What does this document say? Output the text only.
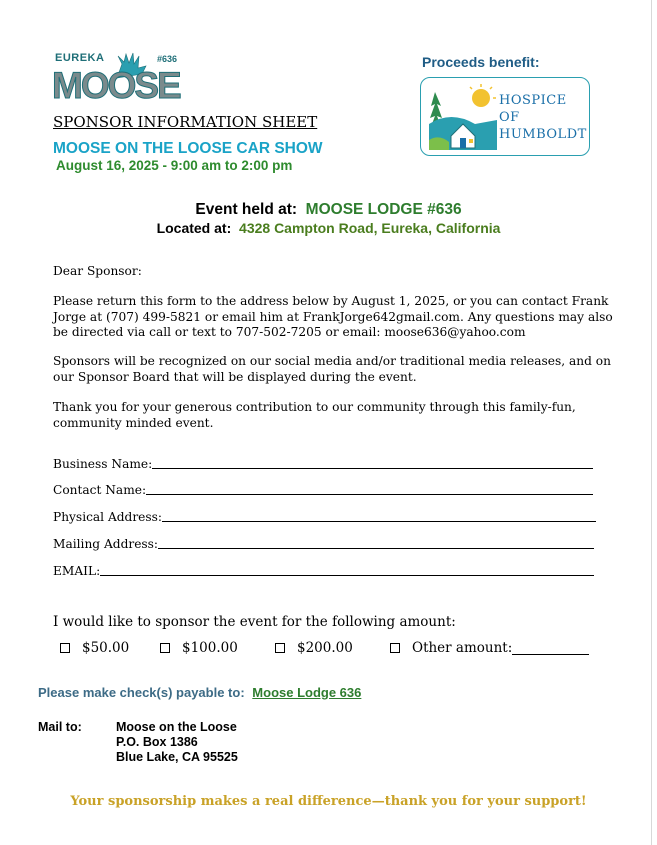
EUREKA	#636
MOOSE
SPONSOR INFORMATION SHEET
MOOSE ON THE LOOSE CAR SHOW
August 16, 2025 - 9:00 am to 2:00 pm
Proceeds benefit:
HOSPICE
OF
HUMBOLDT
Event held at: MOOSE LODGE #636
Located at: 4328 Campton Road, Eureka, California
Dear Sponsor:
Please return this form to the address below by August 1, 2025, or you can contact Frank Jorge at (707) 499-5821 or email him at FrankJorge642gmail.com. Any questions may also be directed via call or text to 707-502-7205 or email: moose636@yahoo.com
Sponsors will be recognized on our social media and/or traditional media releases, and on our Sponsor Board that will be displayed during the event.
Thank you for your generous contribution to our community through this family-fun, community minded event.
Business Name:
Contact Name:
Physical Address:
Mailing Address:
EMAIL:
I would like to sponsor the event for the following amount:
$50.00	$100.00	$200.00	Other amount:
Please make check(s) payable to: Moose Lodge 636
Mail to:	Moose on the Loose
P.O. Box 1386
Blue Lake, CA 95525
Your sponsorship makes a real difference—thank you for your support!
